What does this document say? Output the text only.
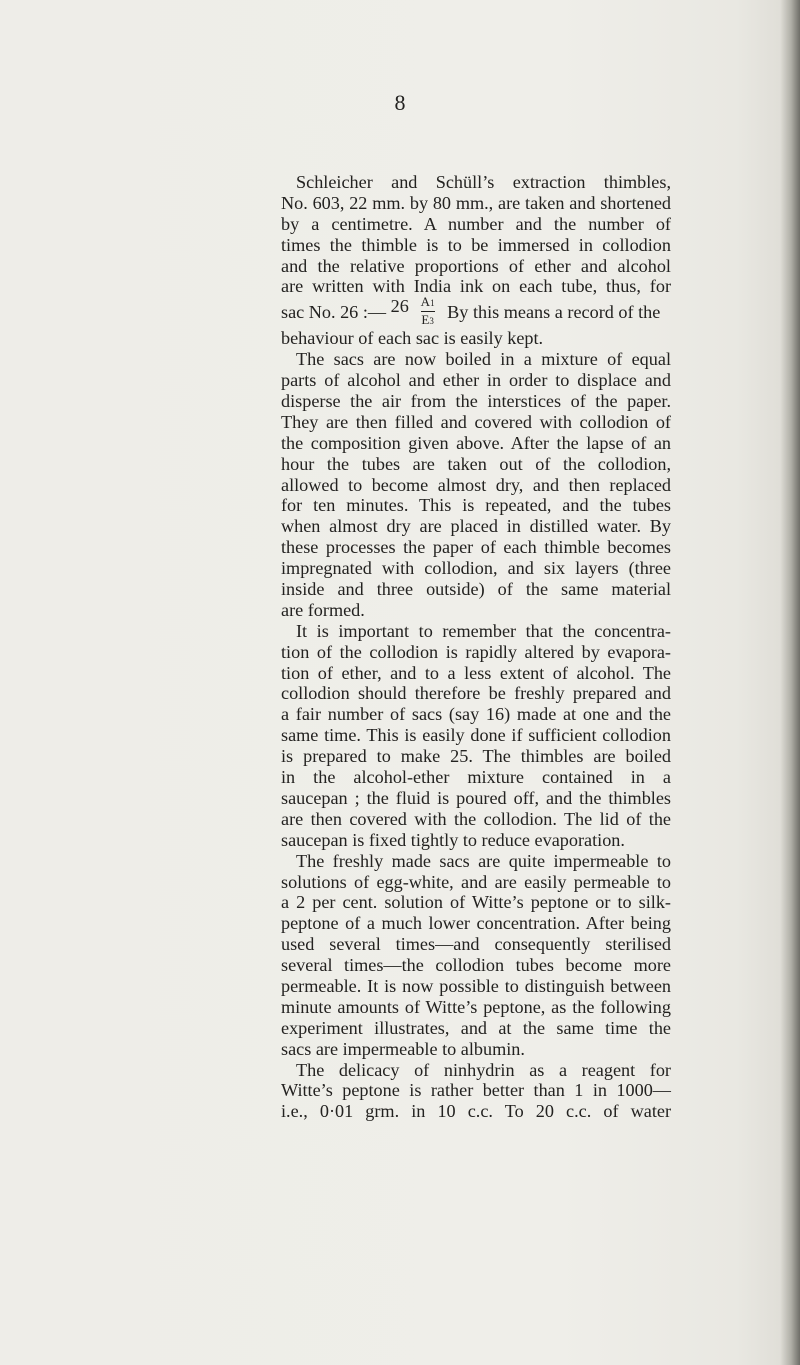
8
Schleicher and Schüll’s extraction thimbles,
No. 603, 22 mm. by 80 mm., are taken and shortened
by a centimetre. A number and the number of
times the thimble is to be immersed in collodion
and the relative proportions of ether and alcohol
are written with India ink on each tube, thus, for
sac No. 26 :— 26 A1
E3 By this means a record of the
behaviour of each sac is easily kept.
The sacs are now boiled in a mixture of equal
parts of alcohol and ether in order to displace and
disperse the air from the interstices of the paper.
They are then filled and covered with collodion of
the composition given above. After the lapse of an
hour the tubes are taken out of the collodion,
allowed to become almost dry, and then replaced
for ten minutes. This is repeated, and the tubes
when almost dry are placed in distilled water. By
these processes the paper of each thimble becomes
impregnated with collodion, and six layers (three
inside and three outside) of the same material
are formed.
It is important to remember that the concentra-
tion of the collodion is rapidly altered by evapora-
tion of ether, and to a less extent of alcohol. The
collodion should therefore be freshly prepared and
a fair number of sacs (say 16) made at one and the
same time. This is easily done if sufficient collodion
is prepared to make 25. The thimbles are boiled
in the alcohol-ether mixture contained in a
saucepan ; the fluid is poured off, and the thimbles
are then covered with the collodion. The lid of the
saucepan is fixed tightly to reduce evaporation.
The freshly made sacs are quite impermeable to
solutions of egg-white, and are easily permeable to
a 2 per cent. solution of Witte’s peptone or to silk-
peptone of a much lower concentration. After being
used several times—and consequently sterilised
several times—the collodion tubes become more
permeable. It is now possible to distinguish between
minute amounts of Witte’s peptone, as the following
experiment illustrates, and at the same time the
sacs are impermeable to albumin.
The delicacy of ninhydrin as a reagent for
Witte’s peptone is rather better than 1 in 1000—
i.e., 0·01 grm. in 10 c.c. To 20 c.c. of water
